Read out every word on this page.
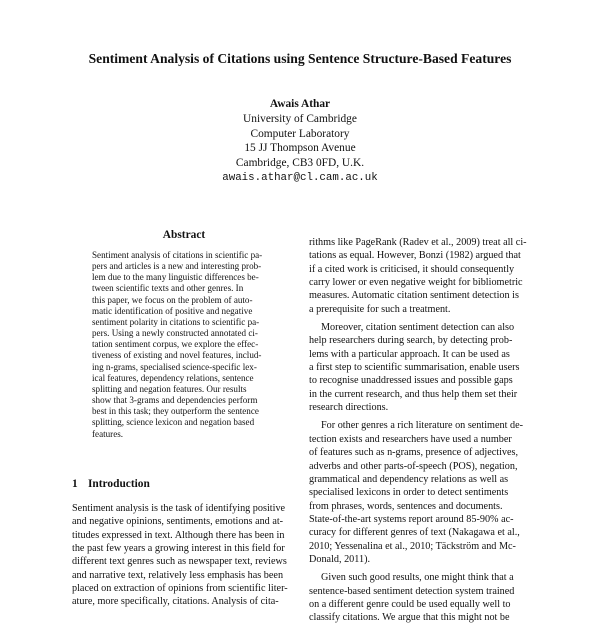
Sentiment Analysis of Citations using Sentence Structure-Based Features
Awais Athar
University of Cambridge
Computer Laboratory
15 JJ Thompson Avenue
Cambridge, CB3 0FD, U.K.
awais.athar@cl.cam.ac.uk
Abstract
Sentiment analysis of citations in scientific pa-
pers and articles is a new and interesting prob-
lem due to the many linguistic differences be-
tween scientific texts and other genres. In
this paper, we focus on the problem of auto-
matic identification of positive and negative
sentiment polarity in citations to scientific pa-
pers. Using a newly constructed annotated ci-
tation sentiment corpus, we explore the effec-
tiveness of existing and novel features, includ-
ing n-grams, specialised science-specific lex-
ical features, dependency relations, sentence
splitting and negation features. Our results
show that 3-grams and dependencies perform
best in this task; they outperform the sentence
splitting, science lexicon and negation based
features.
1 Introduction
Sentiment analysis is the task of identifying positive
and negative opinions, sentiments, emotions and at-
titudes expressed in text. Although there has been in
the past few years a growing interest in this field for
different text genres such as newspaper text, reviews
and narrative text, relatively less emphasis has been
placed on extraction of opinions from scientific liter-
ature, more specifically, citations. Analysis of cita-
rithms like PageRank (Radev et al., 2009) treat all ci-
tations as equal. However, Bonzi (1982) argued that
if a cited work is criticised, it should consequently
carry lower or even negative weight for bibliometric
measures. Automatic citation sentiment detection is
a prerequisite for such a treatment.
Moreover, citation sentiment detection can also
help researchers during search, by detecting prob-
lems with a particular approach. It can be used as
a first step to scientific summarisation, enable users
to recognise unaddressed issues and possible gaps
in the current research, and thus help them set their
research directions.
For other genres a rich literature on sentiment de-
tection exists and researchers have used a number
of features such as n-grams, presence of adjectives,
adverbs and other parts-of-speech (POS), negation,
grammatical and dependency relations as well as
specialised lexicons in order to detect sentiments
from phrases, words, sentences and documents.
State-of-the-art systems report around 85-90% ac-
curacy for different genres of text (Nakagawa et al.,
2010; Yessenalina et al., 2010; Täckström and Mc-
Donald, 2011).
Given such good results, one might think that a
sentence-based sentiment detection system trained
on a different genre could be used equally well to
classify citations. We argue that this might not be
